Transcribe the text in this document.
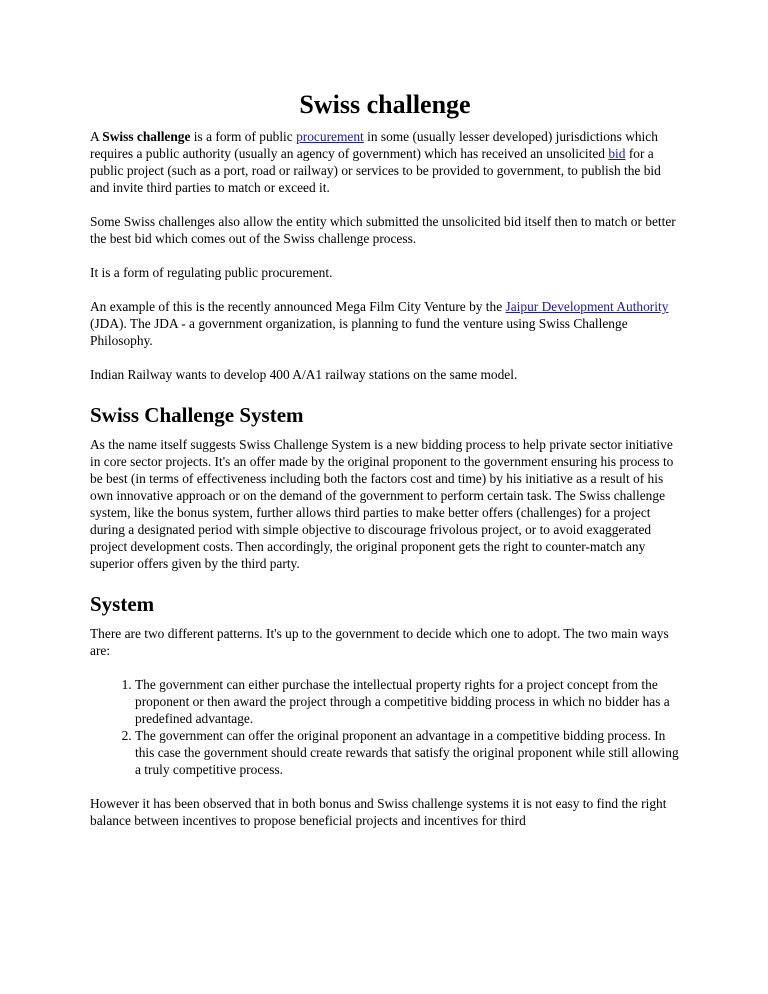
Swiss challenge

A Swiss challenge is a form of public procurement in some (usually lesser developed) jurisdictions which requires a public authority (usually an agency of government) which has received an unsolicited bid for a public project (such as a port, road or railway) or services to be provided to government, to publish the bid and invite third parties to match or exceed it.

Some Swiss challenges also allow the entity which submitted the unsolicited bid itself then to match or better the best bid which comes out of the Swiss challenge process.

It is a form of regulating public procurement.

An example of this is the recently announced Mega Film City Venture by the Jaipur Development Authority (JDA). The JDA - a government organization, is planning to fund the venture using Swiss Challenge Philosophy.

Indian Railway wants to develop 400 A/A1 railway stations on the same model.

Swiss Challenge System

As the name itself suggests Swiss Challenge System is a new bidding process to help private sector initiative in core sector projects. It's an offer made by the original proponent to the government ensuring his process to be best (in terms of effectiveness including both the factors cost and time) by his initiative as a result of his own innovative approach or on the demand of the government to perform certain task. The Swiss challenge system, like the bonus system, further allows third parties to make better offers (challenges) for a project during a designated period with simple objective to discourage frivolous project, or to avoid exaggerated project development costs. Then accordingly, the original proponent gets the right to counter-match any superior offers given by the third party.

System

There are two different patterns. It's up to the government to decide which one to adopt. The two main ways are:

1. The government can either purchase the intellectual property rights for a project concept from the proponent or then award the project through a competitive bidding process in which no bidder has a predefined advantage.
2. The government can offer the original proponent an advantage in a competitive bidding process. In this case the government should create rewards that satisfy the original proponent while still allowing a truly competitive process.

However it has been observed that in both bonus and Swiss challenge systems it is not easy to find the right balance between incentives to propose beneficial projects and incentives for third
